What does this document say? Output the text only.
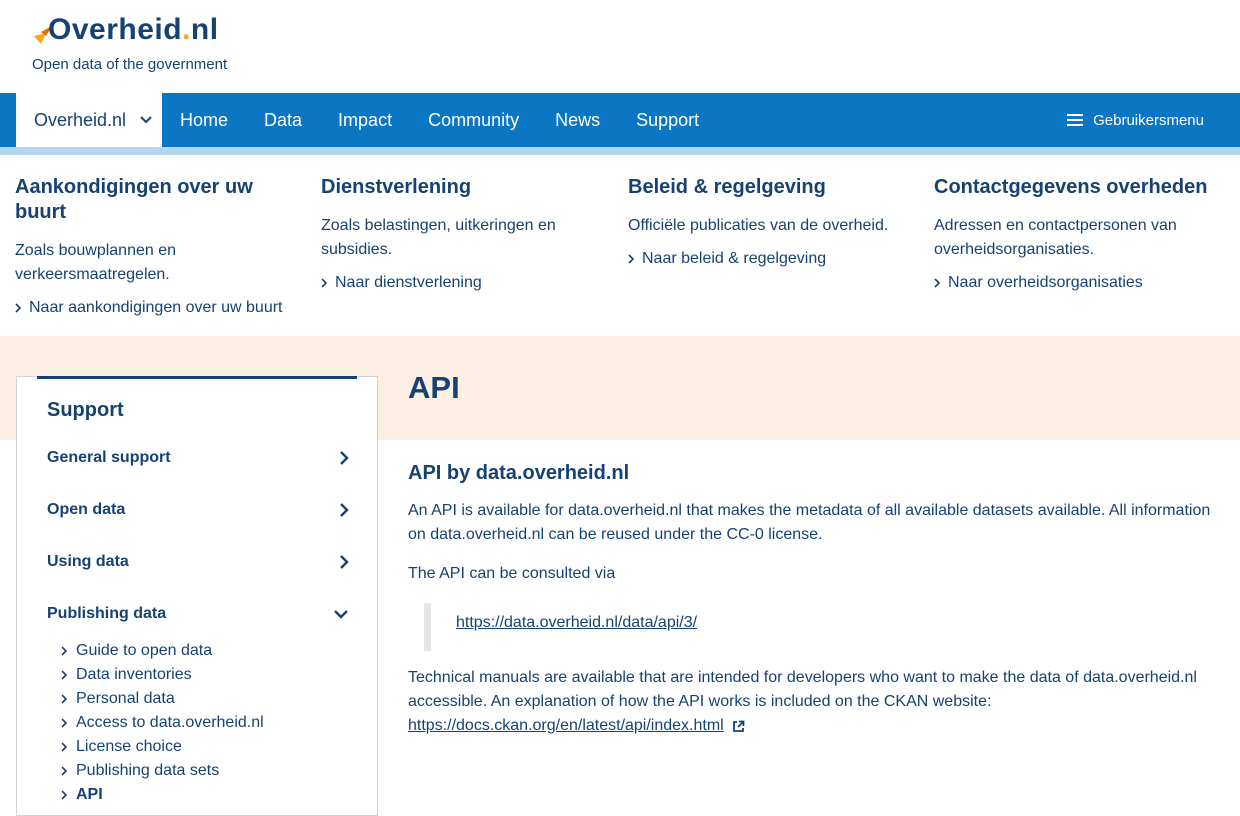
Overheid.nl
Open data of the government
Overheid.nl	Home	Data	Impact	Community	News	Support	Gebruikersmenu
Aankondigingen over uw buurt

Zoals bouwplannen en verkeersmaatregelen.

Naar aankondigingen over uw buurt
Dienstverlening

Zoals belastingen, uitkeringen en subsidies.

Naar dienstverlening
Beleid & regelgeving

Officiële publicaties van de overheid.

Naar beleid & regelgeving
Contactgegevens overheden

Adressen en contactpersonen van overheidsorganisaties.

Naar overheidsorganisaties
API
Support
General support
Open data
Using data
Publishing data
Guide to open data
Data inventories
Personal data
Access to data.overheid.nl
License choice
Publishing data sets
API
API by data.overheid.nl

An API is available for data.overheid.nl that makes the metadata of all available datasets available. All information on data.overheid.nl can be reused under the CC-0 license.

The API can be consulted via

https://data.overheid.nl/data/api/3/

Technical manuals are available that are intended for developers who want to make the data of data.overheid.nl accessible. An explanation of how the API works is included on the CKAN website:

https://docs.ckan.org/en/latest/api/index.html
